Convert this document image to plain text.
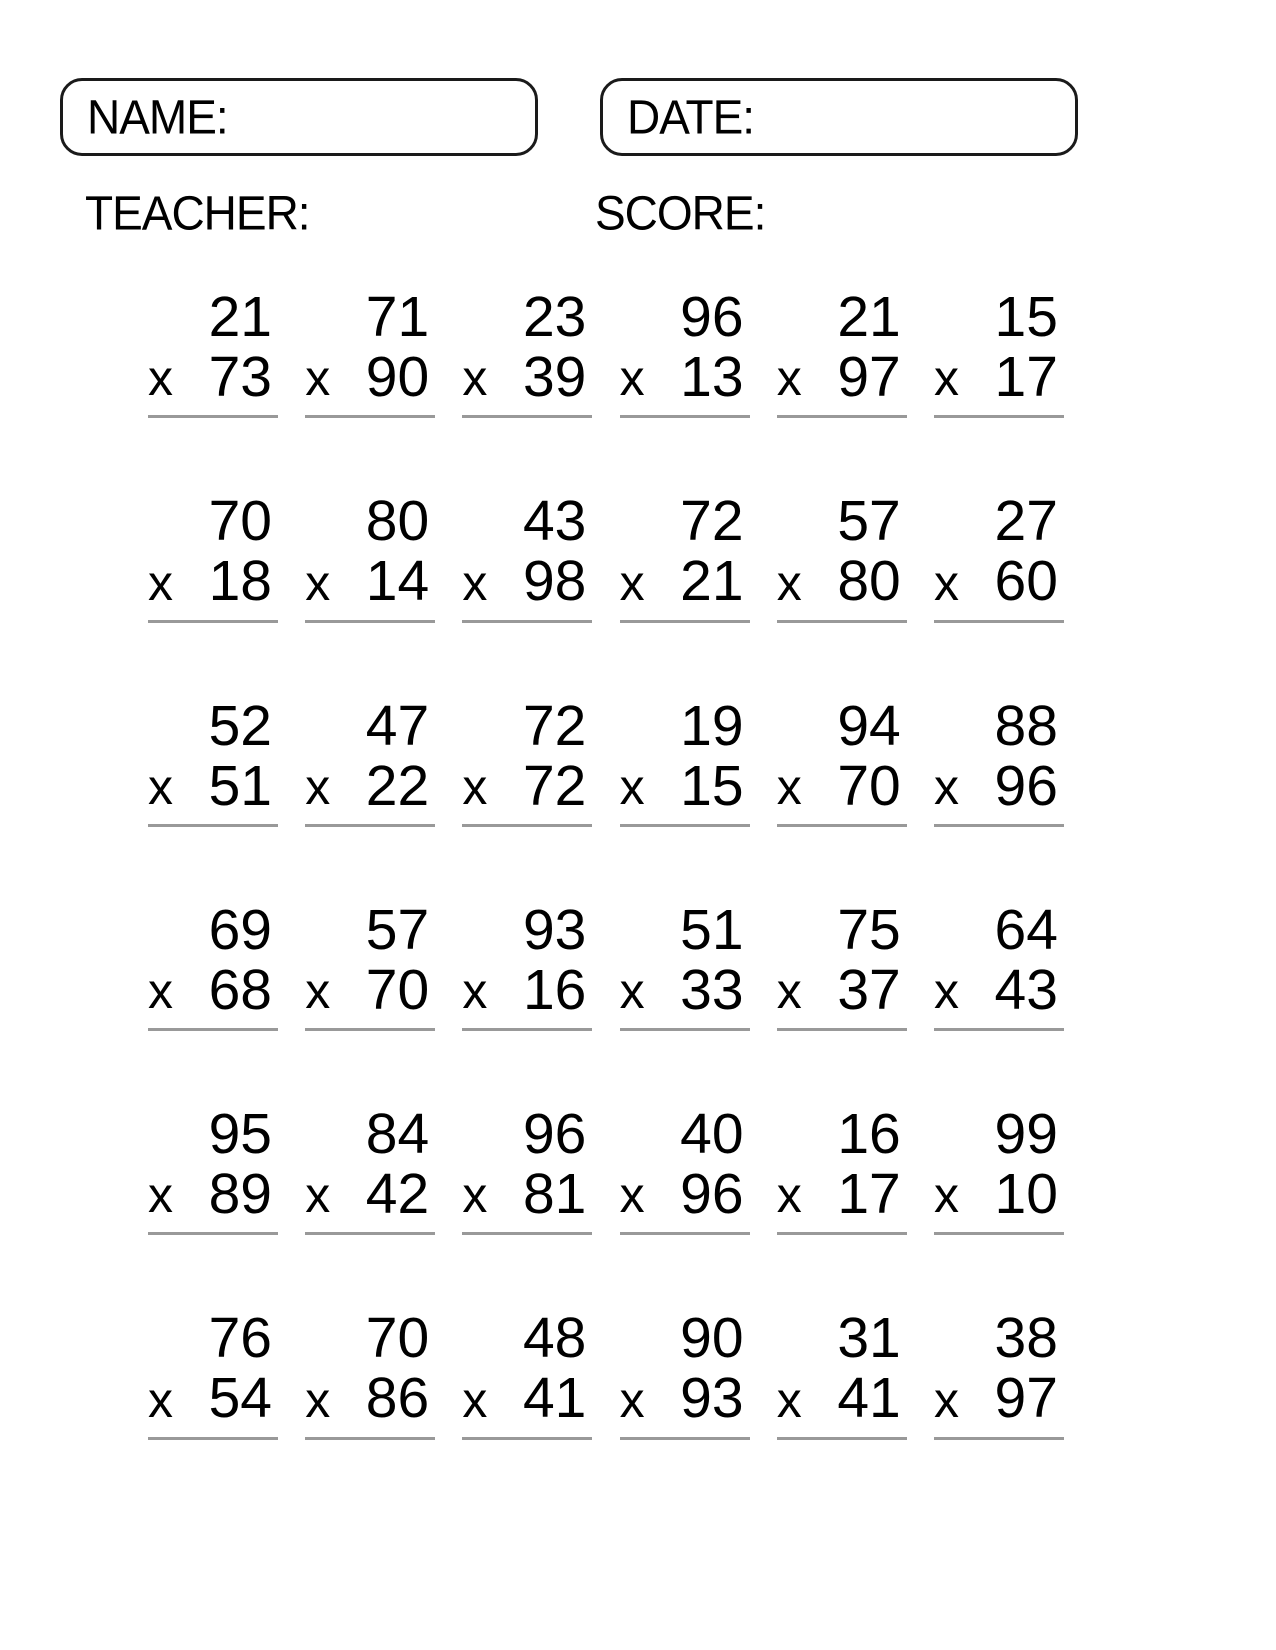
NAME:	DATE:
TEACHER:	SCORE:
21
x 73
71
x 90
23
x 39
96
x 13
21
x 97
15
x 17
70
x 18
80
x 14
43
x 98
72
x 21
57
x 80
27
x 60
52
x 51
47
x 22
72
x 72
19
x 15
94
x 70
88
x 96
69
x 68
57
x 70
93
x 16
51
x 33
75
x 37
64
x 43
95
x 89
84
x 42
96
x 81
40
x 96
16
x 17
99
x 10
76
x 54
70
x 86
48
x 41
90
x 93
31
x 41
38
x 97
